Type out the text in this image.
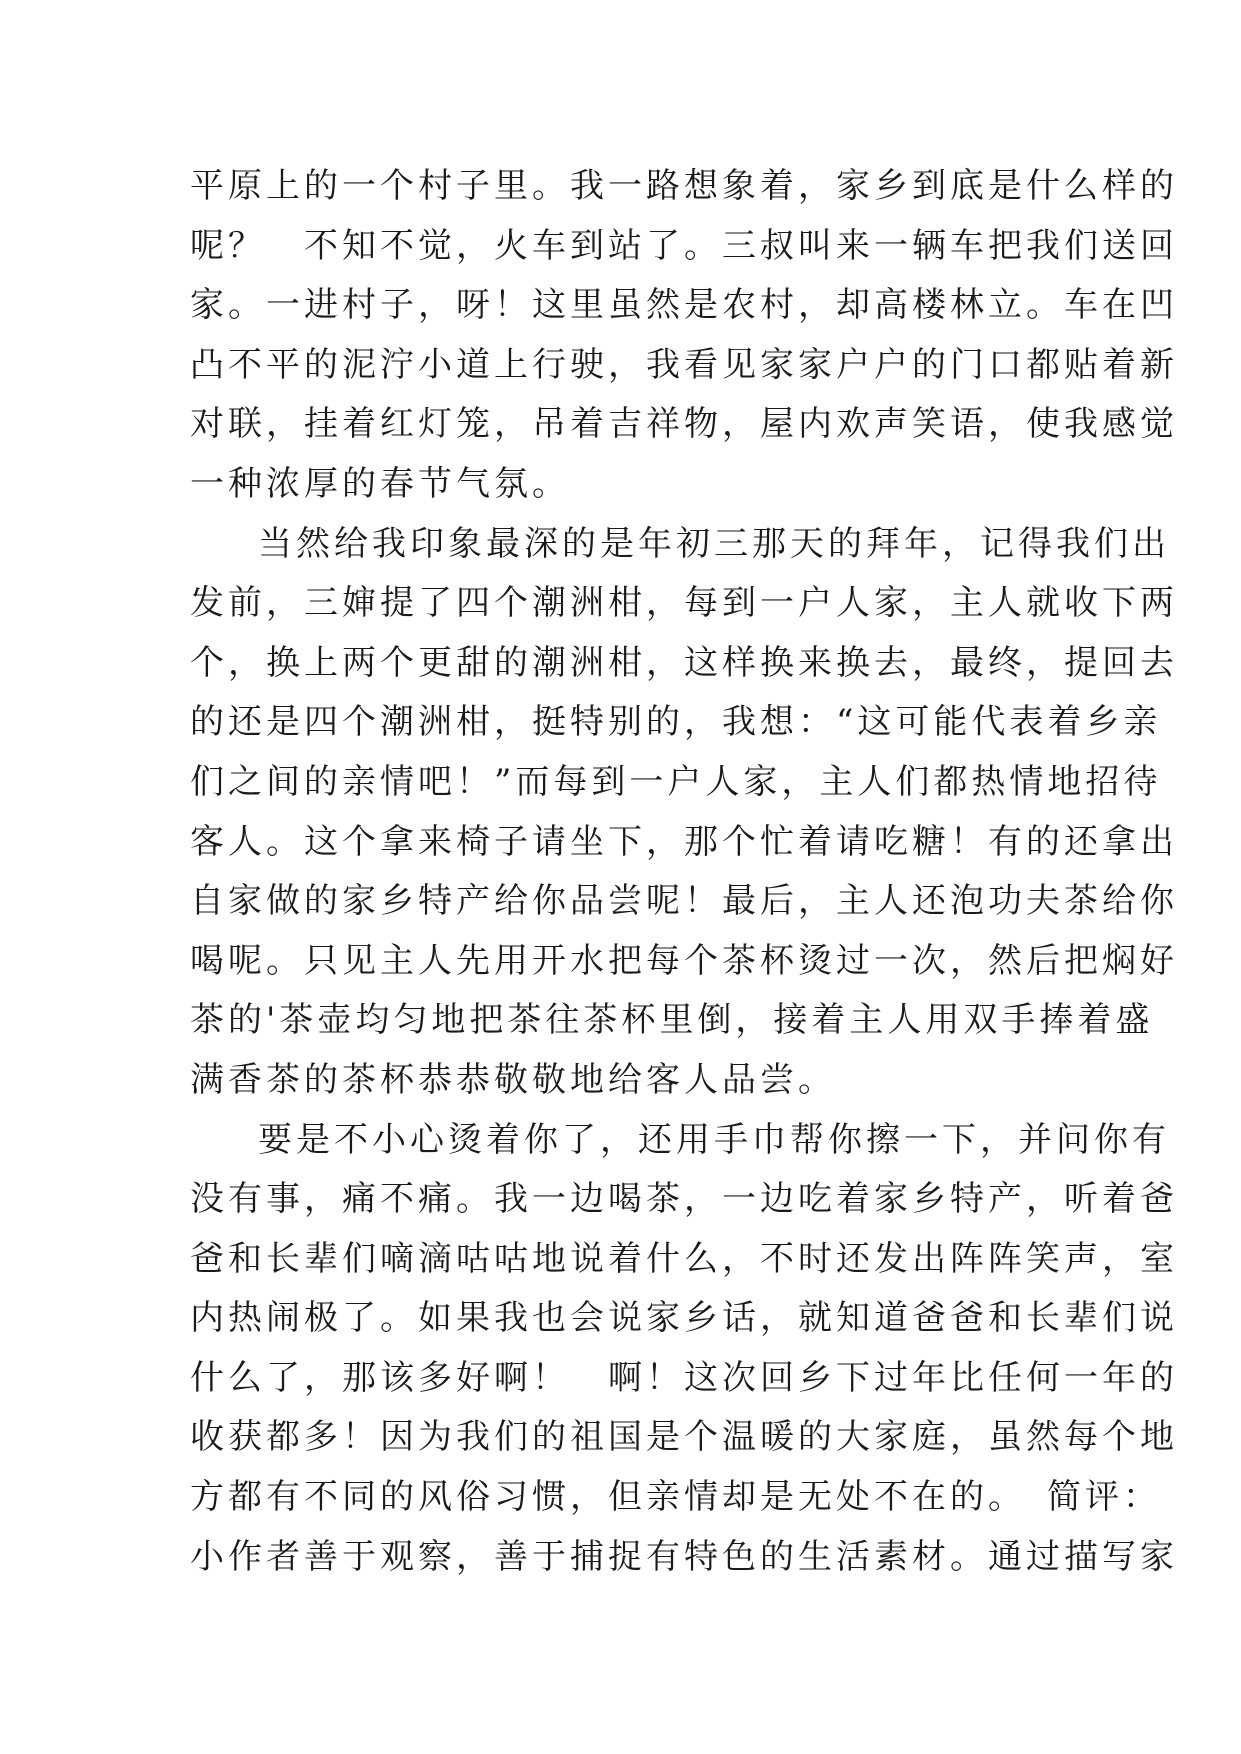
平原上的一个村子里。我一路想象着，家乡到底是什么样的
呢？　不知不觉，火车到站了。三叔叫来一辆车把我们送回
家。一进村子，呀！这里虽然是农村，却高楼林立。车在凹
凸不平的泥泞小道上行驶，我看见家家户户的门口都贴着新
对联，挂着红灯笼，吊着吉祥物，屋内欢声笑语，使我感觉
一种浓厚的春节气氛。
当然给我印象最深的是年初三那天的拜年，记得我们出
发前，三婶提了四个潮洲柑，每到一户人家，主人就收下两
个，换上两个更甜的潮洲柑，这样换来换去，最终，提回去
的还是四个潮洲柑，挺特别的，我想：“这可能代表着乡亲
们之间的亲情吧！”而每到一户人家，主人们都热情地招待
客人。这个拿来椅子请坐下，那个忙着请吃糖！有的还拿出
自家做的家乡特产给你品尝呢！最后，主人还泡功夫茶给你
喝呢。只见主人先用开水把每个茶杯烫过一次，然后把焖好
茶的'茶壶均匀地把茶往茶杯里倒，接着主人用双手捧着盛
满香茶的茶杯恭恭敬敬地给客人品尝。
要是不小心烫着你了，还用手巾帮你擦一下，并问你有
没有事，痛不痛。我一边喝茶，一边吃着家乡特产，听着爸
爸和长辈们嘀滴咕咕地说着什么，不时还发出阵阵笑声，室
内热闹极了。如果我也会说家乡话，就知道爸爸和长辈们说
什么了，那该多好啊！　啊！这次回乡下过年比任何一年的
收获都多！因为我们的祖国是个温暖的大家庭，虽然每个地
方都有不同的风俗习惯，但亲情却是无处不在的。　简评：
小作者善于观察，善于捕捉有特色的生活素材。通过描写家
